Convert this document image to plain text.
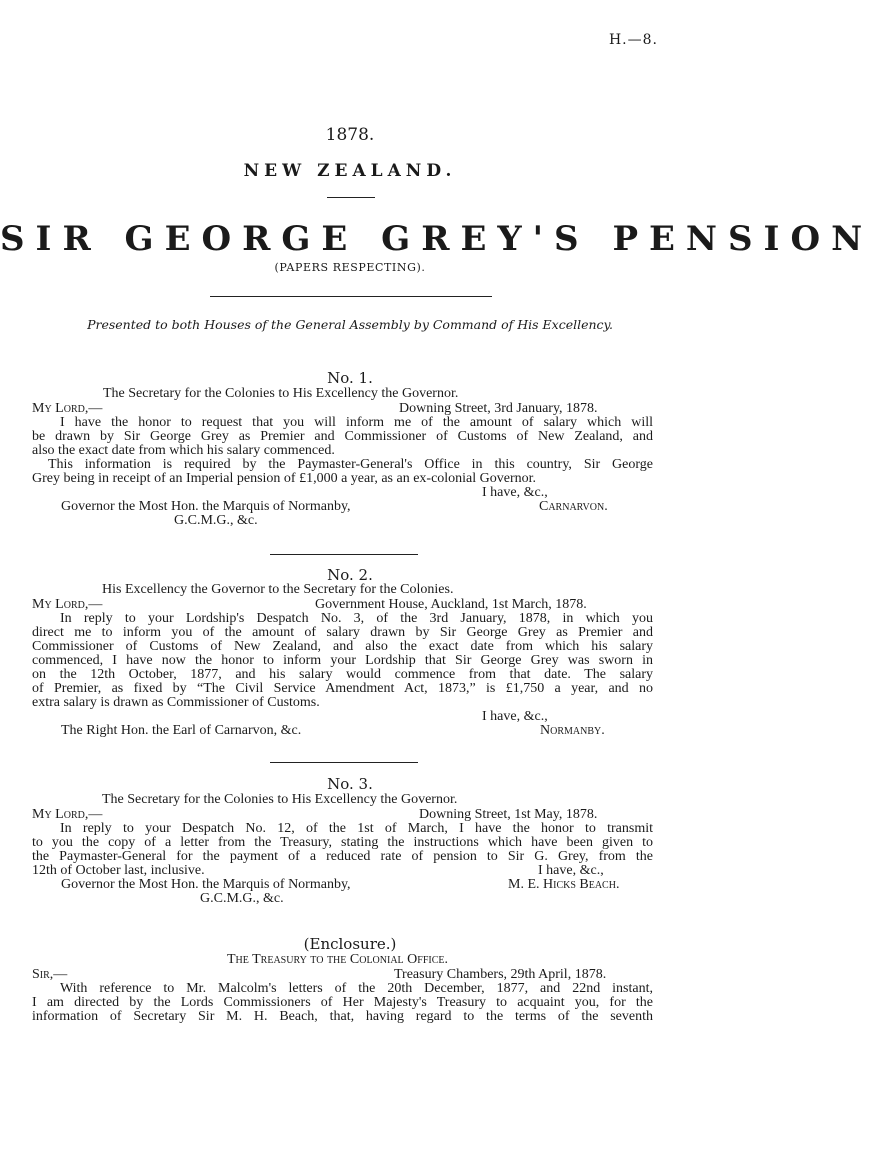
H.—8.
1878.
NEW ZEALAND.
SIR GEORGE GREY'S PENSION
(PAPERS RESPECTING).
Presented to both Houses of the General Assembly by Command of His Excellency.
No. 1.
The Secretary for the Colonies to His Excellency the Governor.
My Lord,—	Downing Street, 3rd January, 1878.
I have the honor to request that you will inform me of the amount of salary which will
be drawn by Sir George Grey as Premier and Commissioner of Customs of New Zealand, and
also the exact date from which his salary commenced.
This information is required by the Paymaster-General's Office in this country, Sir George
Grey being in receipt of an Imperial pension of £1,000 a year, as an ex-colonial Governor.
I have, &c.,
Governor the Most Hon. the Marquis of Normanby,	Carnarvon.
G.C.M.G., &c.
No. 2.
His Excellency the Governor to the Secretary for the Colonies.
My Lord,—	Government House, Auckland, 1st March, 1878.
In reply to your Lordship's Despatch No. 3, of the 3rd January, 1878, in which you
direct me to inform you of the amount of salary drawn by Sir George Grey as Premier and
Commissioner of Customs of New Zealand, and also the exact date from which his salary
commenced, I have now the honor to inform your Lordship that Sir George Grey was sworn in
on the 12th October, 1877, and his salary would commence from that date. The salary
of Premier, as fixed by “The Civil Service Amendment Act, 1873,” is £1,750 a year, and no
extra salary is drawn as Commissioner of Customs.
I have, &c.,
The Right Hon. the Earl of Carnarvon, &c.	Normanby.
No. 3.
The Secretary for the Colonies to His Excellency the Governor.
My Lord,—	Downing Street, 1st May, 1878.
In reply to your Despatch No. 12, of the 1st of March, I have the honor to transmit
to you the copy of a letter from the Treasury, stating the instructions which have been given to
the Paymaster-General for the payment of a reduced rate of pension to Sir G. Grey, from the
12th of October last, inclusive.	I have, &c.,
Governor the Most Hon. the Marquis of Normanby,	M. E. Hicks Beach.
G.C.M.G., &c.
(Enclosure.)
The Treasury to the Colonial Office.
Sir,—	Treasury Chambers, 29th April, 1878.
With reference to Mr. Malcolm's letters of the 20th December, 1877, and 22nd instant,
I am directed by the Lords Commissioners of Her Majesty's Treasury to acquaint you, for the
information of Secretary Sir M. H. Beach, that, having regard to the terms of the seventh
